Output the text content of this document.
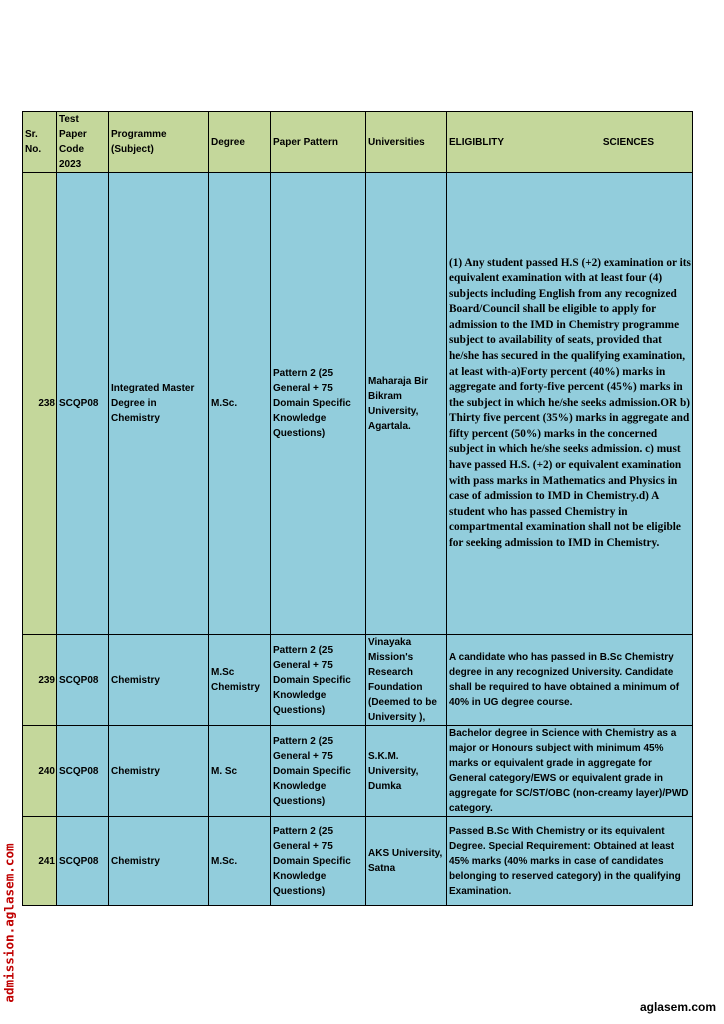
Sr. No.	Test Paper Code 2023	Programme (Subject)	Degree	Paper Pattern	Universities	ELIGIBLITY SCIENCES

238	SCQP08	Integrated Master Degree in Chemistry	M.Sc.	Pattern 2 (25 General + 75 Domain Specific Knowledge Questions)	Maharaja Bir Bikram University, Agartala.	(1) Any student passed H.S (+2) examination or its equivalent examination with at least four (4) subjects including English from any recognized Board/Council shall be eligible to apply for admission to the IMD in Chemistry programme subject to availability of seats, provided that he/she has secured in the qualifying examination, at least with-a)Forty percent (40%) marks in aggregate and forty-five percent (45%) marks in the subject in which he/she seeks admission.OR b) Thirty five percent (35%) marks in aggregate and fifty percent (50%) marks in the concerned subject in which he/she seeks admission. c) must have passed H.S. (+2) or equivalent examination with pass marks in Mathematics and Physics in case of admission to IMD in Chemistry.d) A student who has passed Chemistry in compartmental examination shall not be eligible for seeking admission to IMD in Chemistry.
239	SCQP08	Chemistry	M.Sc Chemistry	Pattern 2 (25 General + 75 Domain Specific Knowledge Questions)	Vinayaka Mission's Research Foundation (Deemed to be University ),	A candidate who has passed in B.Sc Chemistry degree in any recognized University. Candidate shall be required to have obtained a minimum of 40% in UG degree course.
240	SCQP08	Chemistry	M. Sc	Pattern 2 (25 General + 75 Domain Specific Knowledge Questions)	S.K.M. University, Dumka	Bachelor degree in Science with Chemistry as a major or Honours subject with minimum 45% marks or equivalent grade in aggregate for General category/EWS or equivalent grade in aggregate for SC/ST/OBC (non-creamy layer)/PWD category.
241	SCQP08	Chemistry	M.Sc.	Pattern 2 (25 General + 75 Domain Specific Knowledge Questions)	AKS University, Satna	Passed B.Sc With Chemistry or its equivalent Degree. Special Requirement: Obtained at least 45% marks (40% marks in case of candidates belonging to reserved category) in the qualifying Examination.
admission.aglasem.com
aglasem.com
